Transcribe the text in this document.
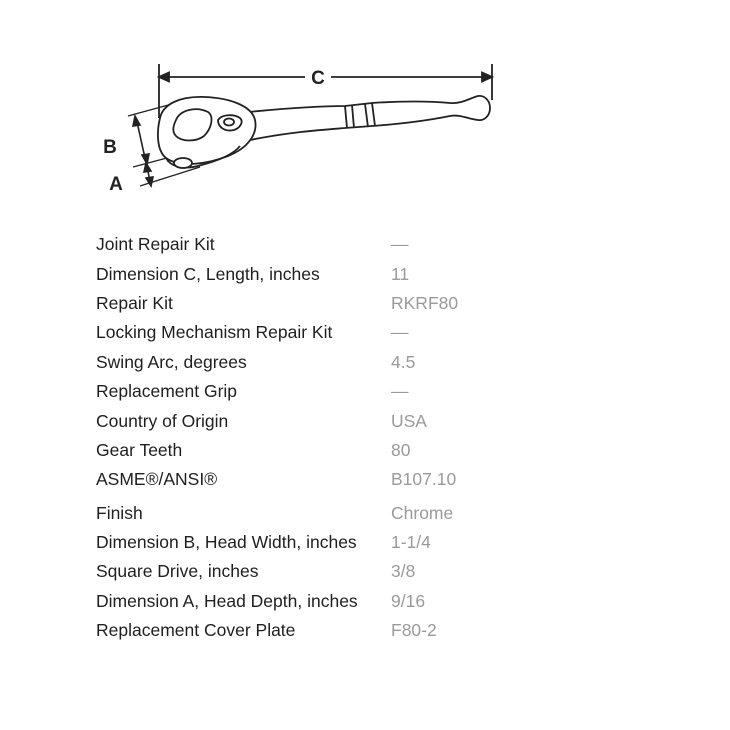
C
B
A
Joint Repair Kit	—
Dimension C, Length, inches	11
Repair Kit	RKRF80
Locking Mechanism Repair Kit	—
Swing Arc, degrees	4.5
Replacement Grip	—
Country of Origin	USA
Gear Teeth	80
ASME®/ANSI®	B107.10
Finish	Chrome
Dimension B, Head Width, inches	1-1/4
Square Drive, inches	3/8
Dimension A, Head Depth, inches	9/16
Replacement Cover Plate	F80-2
